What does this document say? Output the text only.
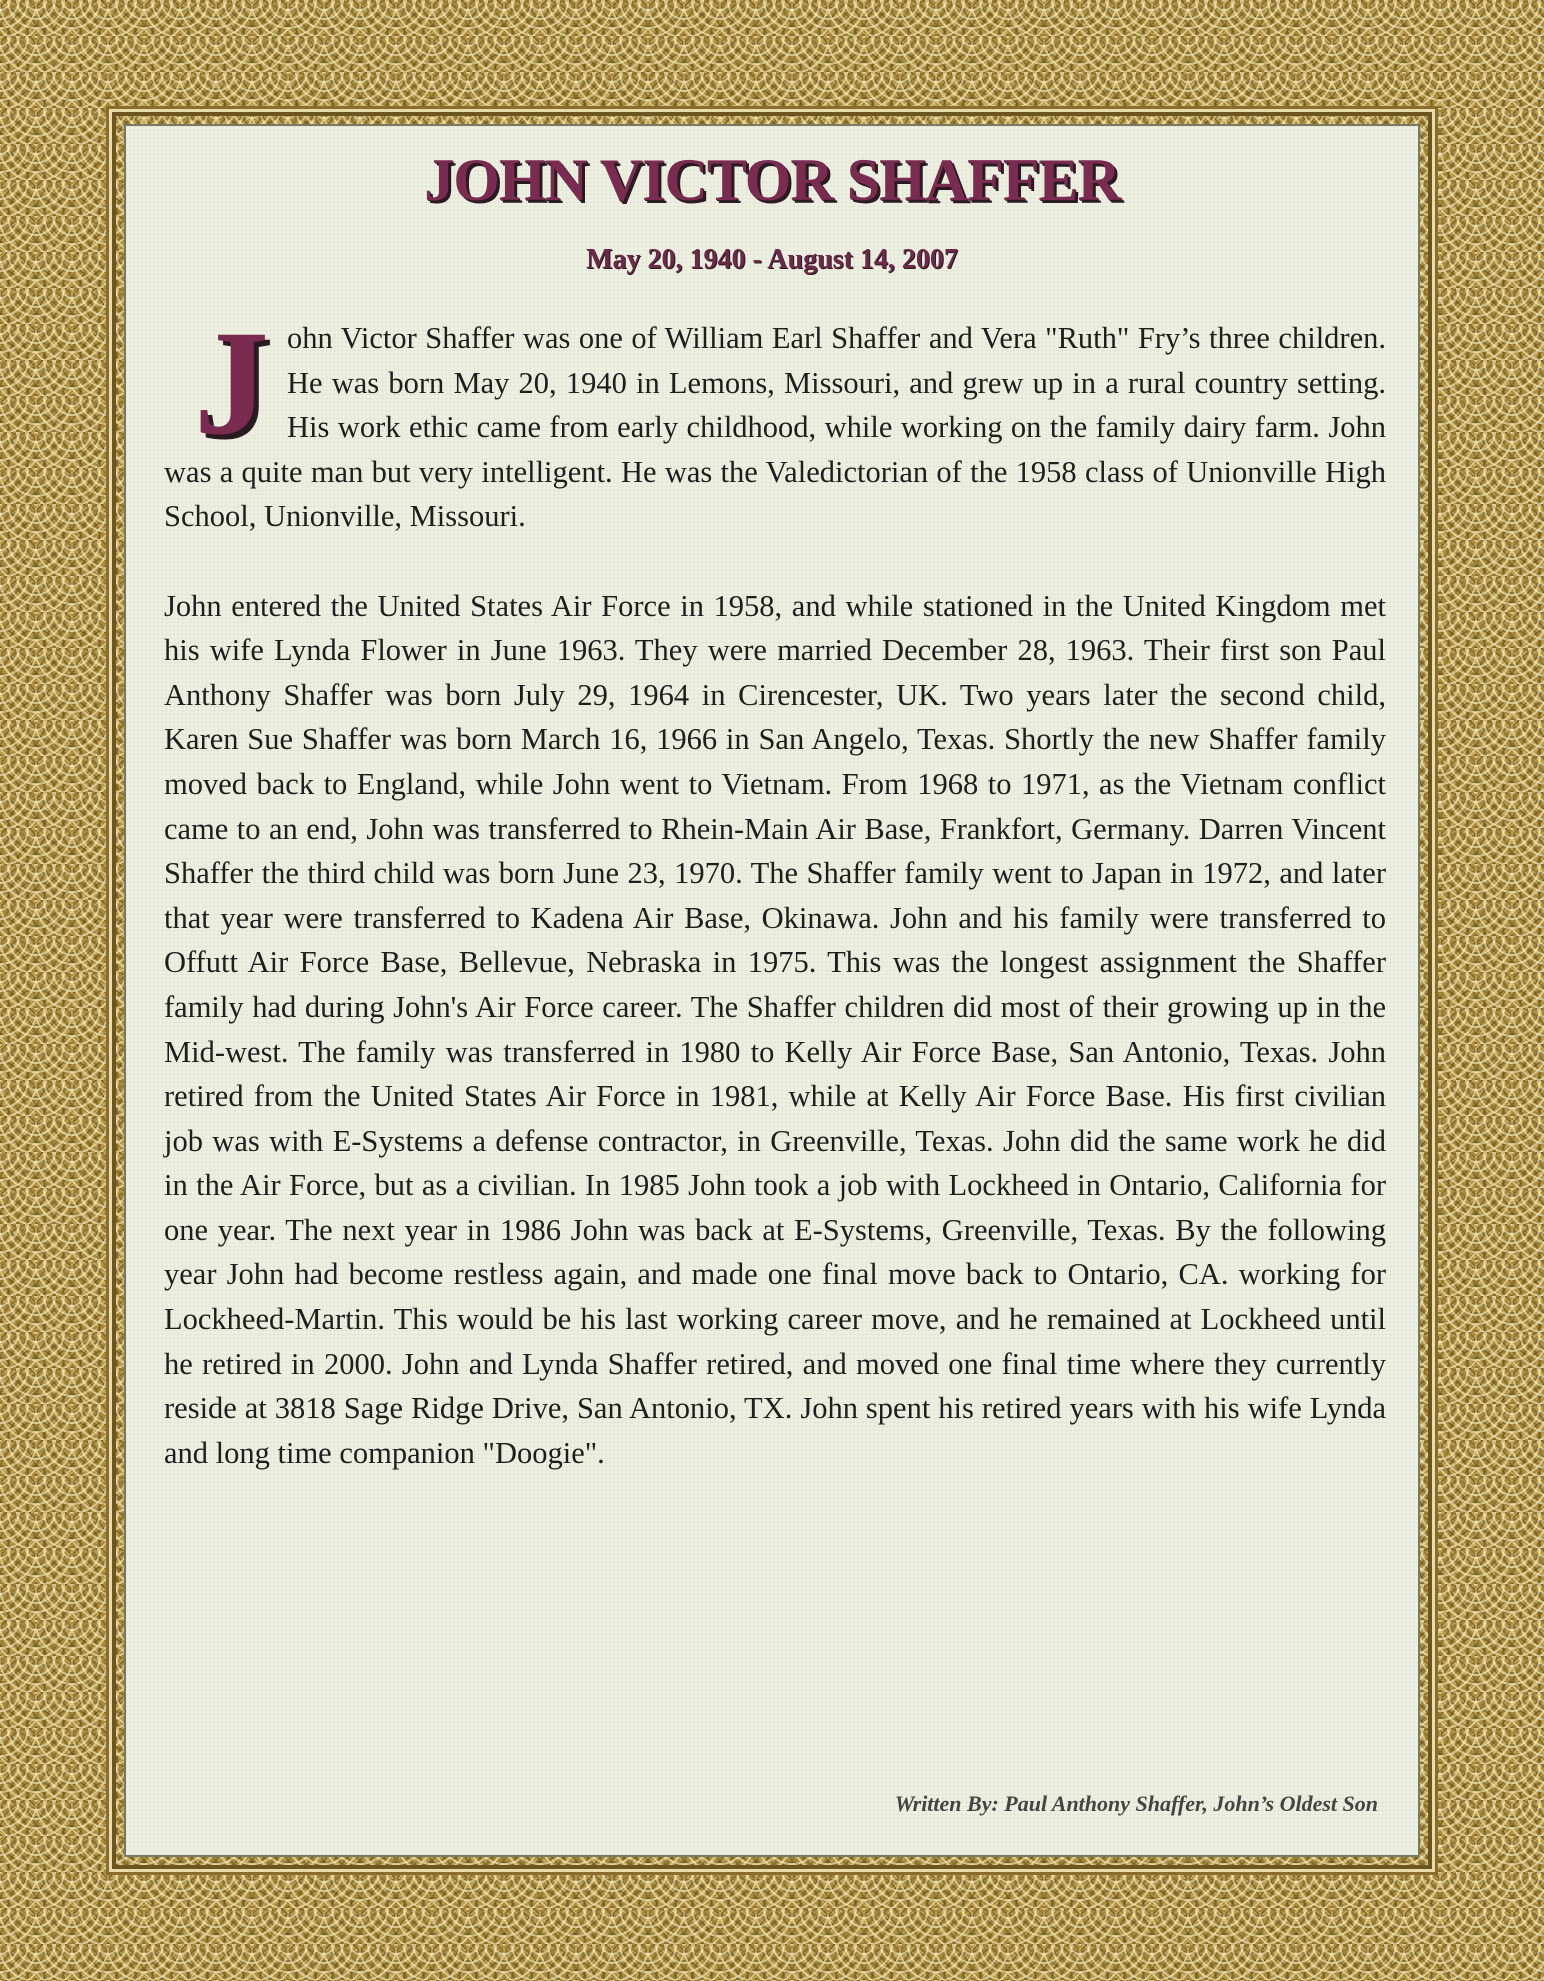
JOHN VICTOR SHAFFER
May 20, 1940 - August 14, 2007

John Victor Shaffer was one of William Earl Shaffer and Vera "Ruth" Fry’s three children. He was born May 20, 1940 in Lemons, Missouri, and grew up in a rural country setting. His work ethic came from early childhood, while working on the family dairy farm. John was a quite man but very intelligent. He was the Valedictorian of the 1958 class of Unionville High School, Unionville, Missouri.

John entered the United States Air Force in 1958, and while stationed in the United Kingdom met his wife Lynda Flower in June 1963. They were married December 28, 1963. Their first son Paul Anthony Shaffer was born July 29, 1964 in Cirencester, UK. Two years later the second child, Karen Sue Shaffer was born March 16, 1966 in San Angelo, Texas. Shortly the new Shaffer family moved back to England, while John went to Vietnam. From 1968 to 1971, as the Vietnam conflict came to an end, John was transferred to Rhein-Main Air Base, Frankfort, Germany. Darren Vincent Shaffer the third child was born June 23, 1970. The Shaffer family went to Japan in 1972, and later that year were transferred to Kadena Air Base, Okinawa. John and his family were transferred to Offutt Air Force Base, Bellevue, Nebraska in 1975. This was the longest assignment the Shaffer family had during John's Air Force career. The Shaffer children did most of their growing up in the Mid-west. The family was transferred in 1980 to Kelly Air Force Base, San Antonio, Texas. John retired from the United States Air Force in 1981, while at Kelly Air Force Base. His first civilian job was with E-Systems a defense contractor, in Greenville, Texas. John did the same work he did in the Air Force, but as a civilian. In 1985 John took a job with Lockheed in Ontario, California for one year. The next year in 1986 John was back at E-Systems, Greenville, Texas. By the following year John had become restless again, and made one final move back to Ontario, CA. working for Lockheed-Martin. This would be his last working career move, and he remained at Lockheed until he retired in 2000. John and Lynda Shaffer retired, and moved one final time where they currently reside at 3818 Sage Ridge Drive, San Antonio, TX. John spent his retired years with his wife Lynda and long time companion "Doogie".

Written By: Paul Anthony Shaffer, John’s Oldest Son
